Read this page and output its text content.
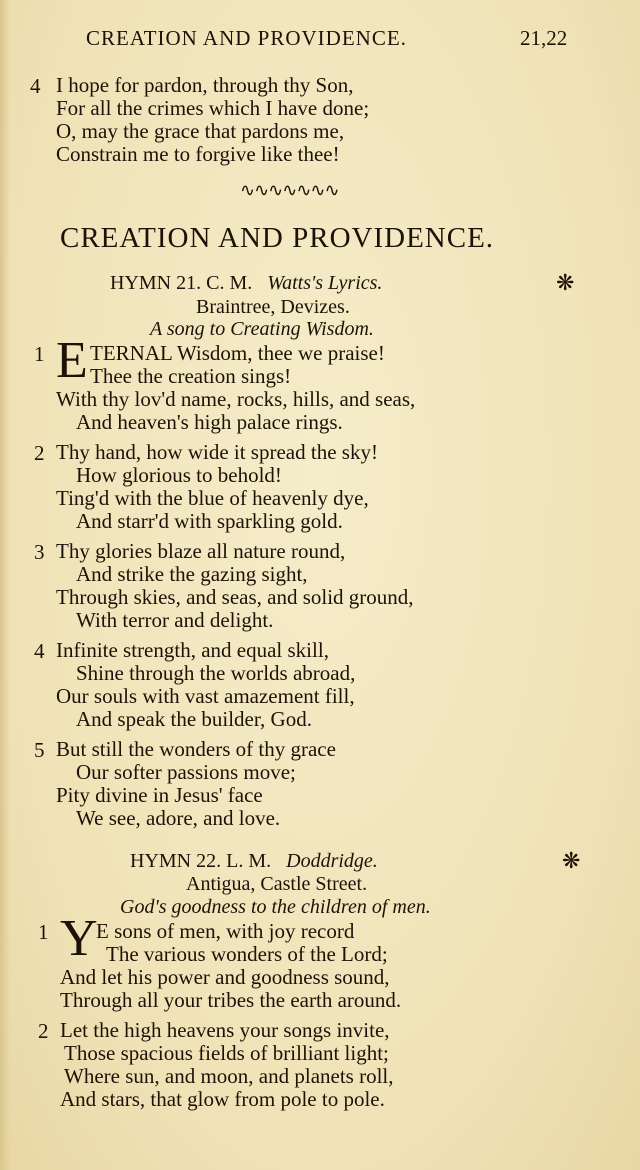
CREATION AND PROVIDENCE.	21,22
4 I hope for pardon, through thy Son,
For all the crimes which I have done;
O, may the grace that pardons me,
Constrain me to forgive like thee!
∿∿∿∿∿∿∿
CREATION AND PROVIDENCE.
HYMN 21. C. M. Watts's Lyrics.	❋
Braintree, Devizes.
A song to Creating Wisdom.
1 E TERNAL Wisdom, thee we praise!
Thee the creation sings!
With thy lov'd name, rocks, hills, and seas,
And heaven's high palace rings.
2 Thy hand, how wide it spread the sky!
How glorious to behold!
Ting'd with the blue of heavenly dye,
And starr'd with sparkling gold.
3 Thy glories blaze all nature round,
And strike the gazing sight,
Through skies, and seas, and solid ground,
With terror and delight.
4 Infinite strength, and equal skill,
Shine through the worlds abroad,
Our souls with vast amazement fill,
And speak the builder, God.
5 But still the wonders of thy grace
Our softer passions move;
Pity divine in Jesus' face
We see, adore, and love.
HYMN 22. L. M. Doddridge.	❋
Antigua, Castle Street.
God's goodness to the children of men.
1 Y
E sons of men, with joy record
The various wonders of the Lord;
And let his power and goodness sound,
Through all your tribes the earth around.
2 Let the high heavens your songs invite,
Those spacious fields of brilliant light;
Where sun, and moon, and planets roll,
And stars, that glow from pole to pole.
